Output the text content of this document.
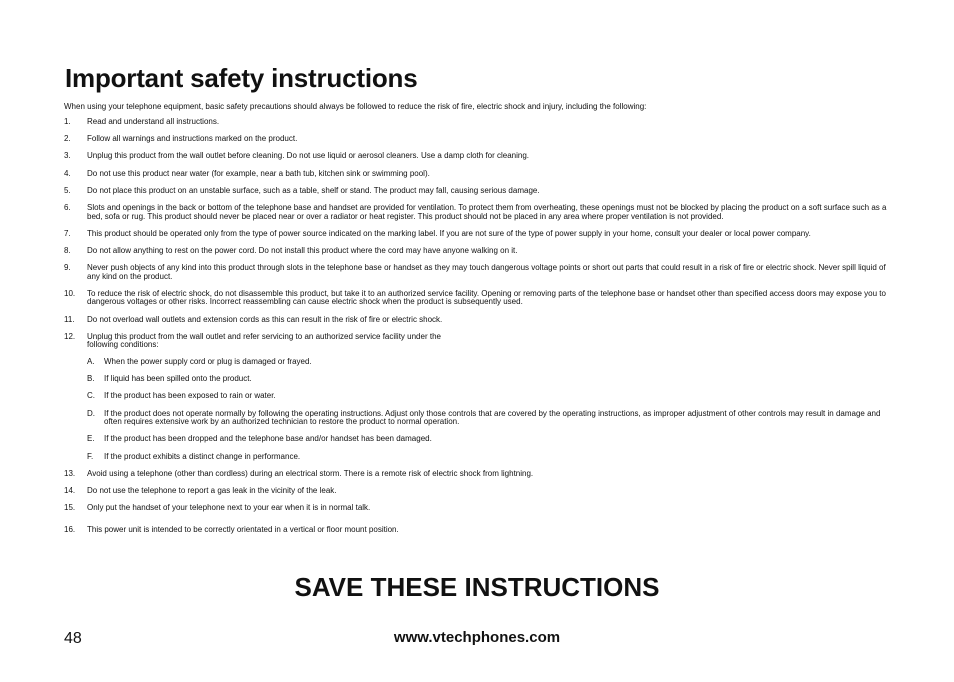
Important safety instructions

When using your telephone equipment, basic safety precautions should always be followed to reduce the risk of fire, electric shock and injury, including the following:

1. Read and understand all instructions.
2. Follow all warnings and instructions marked on the product.
3. Unplug this product from the wall outlet before cleaning. Do not use liquid or aerosol cleaners. Use a damp cloth for cleaning.
4. Do not use this product near water (for example, near a bath tub, kitchen sink or swimming pool).
5. Do not place this product on an unstable surface, such as a table, shelf or stand. The product may fall, causing serious damage.
6. Slots and openings in the back or bottom of the telephone base and handset are provided for ventilation. To protect them from overheating, these openings must not be blocked by placing the product on a soft surface such as a bed, sofa or rug. This product should never be placed near or over a radiator or heat register. This product should not be placed in any area where proper ventilation is not provided.
7. This product should be operated only from the type of power source indicated on the marking label. If you are not sure of the type of power supply in your home, consult your dealer or local power company.
8. Do not allow anything to rest on the power cord. Do not install this product where the cord may have anyone walking on it.
9. Never push objects of any kind into this product through slots in the telephone base or handset as they may touch dangerous voltage points or short out parts that could result in a risk of fire or electric shock. Never spill liquid of any kind on the product.
10. To reduce the risk of electric shock, do not disassemble this product, but take it to an authorized service facility. Opening or removing parts of the telephone base or handset other than specified access doors may expose you to dangerous voltages or other risks. Incorrect reassembling can cause electric shock when the product is subsequently used.
11. Do not overload wall outlets and extension cords as this can result in the risk of fire or electric shock.
12. Unplug this product from the wall outlet and refer servicing to an authorized service facility under the
following conditions:
A. When the power supply cord or plug is damaged or frayed.
B. If liquid has been spilled onto the product.
C. If the product has been exposed to rain or water.
D. If the product does not operate normally by following the operating instructions. Adjust only those controls that are covered by the operating instructions, as improper adjustment of other controls may result in damage and often requires extensive work by an authorized technician to restore the product to normal operation.
E. If the product has been dropped and the telephone base and/or handset has been damaged.
F. If the product exhibits a distinct change in performance.
13. Avoid using a telephone (other than cordless) during an electrical storm. There is a remote risk of electric shock from lightning.
14. Do not use the telephone to report a gas leak in the vicinity of the leak.
15. Only put the handset of your telephone next to your ear when it is in normal talk.
16. This power unit is intended to be correctly orientated in a vertical or floor mount position.
SAVE THESE INSTRUCTIONS
48	www.vtechphones.com
